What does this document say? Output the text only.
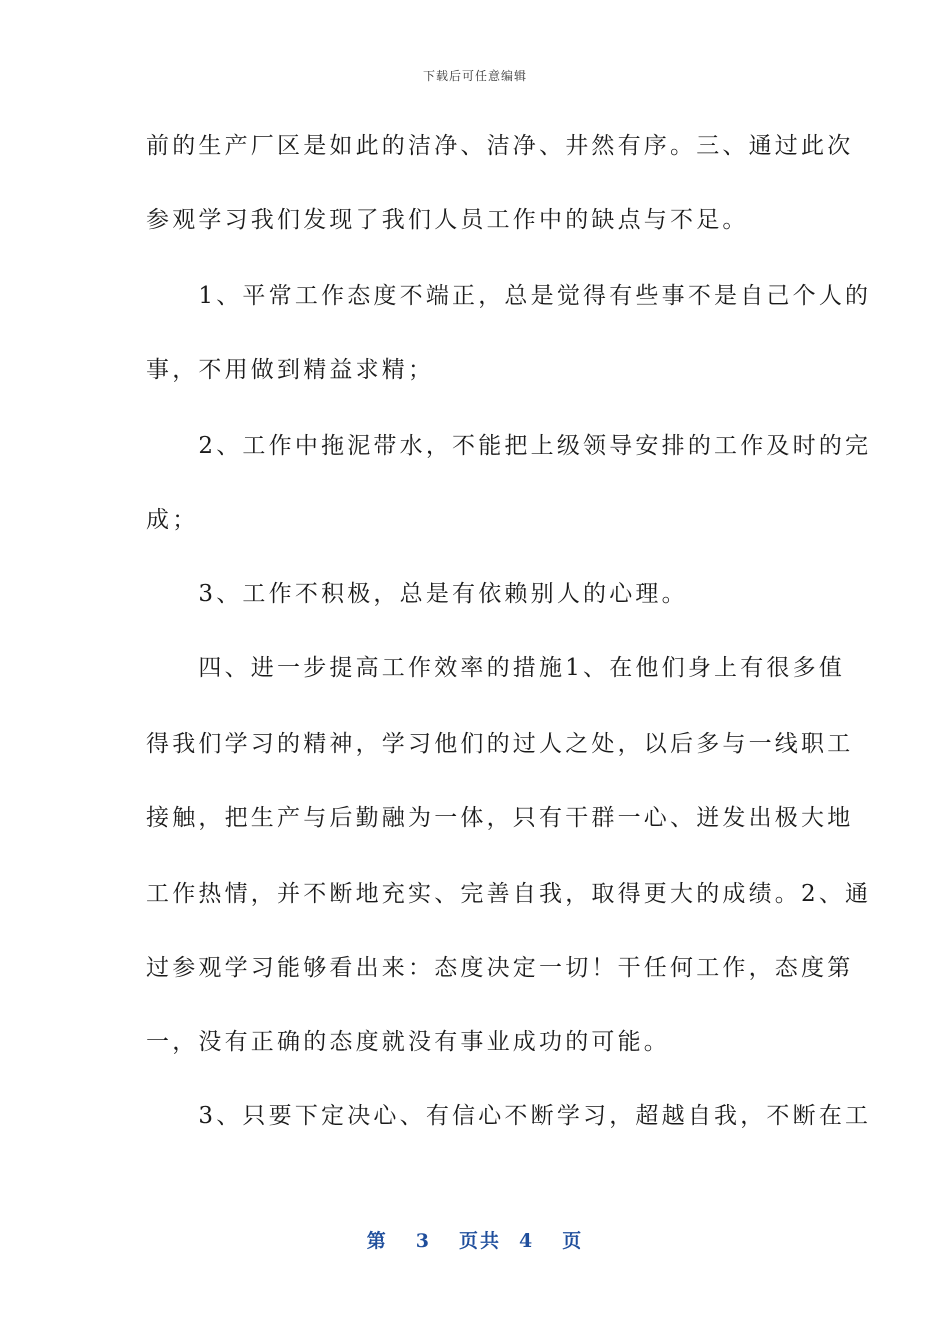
下载后可任意编辑
前的生产厂区是如此的洁净、洁净、井然有序。三、通过此次
参观学习我们发现了我们人员工作中的缺点与不足。
　　1、平常工作态度不端正，总是觉得有些事不是自己个人的
事，不用做到精益求精；
　　2、工作中拖泥带水，不能把上级领导安排的工作及时的完
成；
　　3、工作不积极，总是有依赖别人的心理。
　　四、进一步提高工作效率的措施1、在他们身上有很多值
得我们学习的精神，学习他们的过人之处，以后多与一线职工
接触，把生产与后勤融为一体，只有干群一心、迸发出极大地
工作热情，并不断地充实、完善自我，取得更大的成绩。2、通
过参观学习能够看出来：态度决定一切！干任何工作，态度第
一，没有正确的态度就没有事业成功的可能。
　　3、只要下定决心、有信心不断学习，超越自我，不断在工
第 3 页共 4 页
